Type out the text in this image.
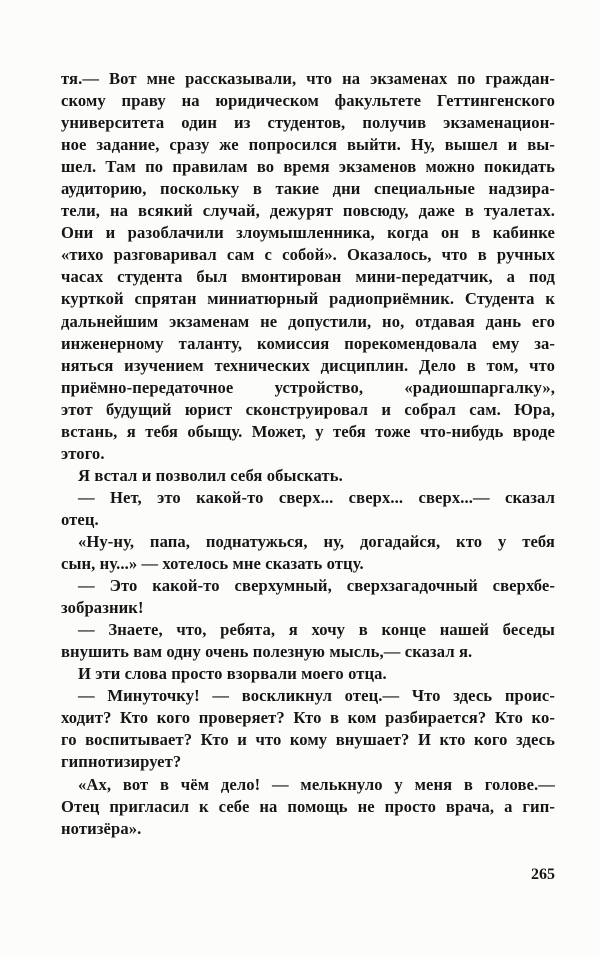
тя.— Вот мне рассказывали, что на экзаменах по граждан-
скому праву на юридическом факультете Геттингенского
университета один из студентов, получив экзаменацион-
ное задание, сразу же попросился выйти. Ну, вышел и вы-
шел. Там по правилам во время экзаменов можно покидать
аудиторию, поскольку в такие дни специальные надзира-
тели, на всякий случай, дежурят повсюду, даже в туалетах.
Они и разоблачили злоумышленника, когда он в кабинке
«тихо разговаривал сам с собой». Оказалось, что в ручных
часах студента был вмонтирован мини-передатчик, а под
курткой спрятан миниатюрный радиоприёмник. Студента к
дальнейшим экзаменам не допустили, но, отдавая дань его
инженерному таланту, комиссия порекомендовала ему за-
няться изучением технических дисциплин. Дело в том, что
приёмно-передаточное устройство, «радиошпаргалку»,
этот будущий юрист сконструировал и собрал сам. Юра,
встань, я тебя обыщу. Может, у тебя тоже что-нибудь вроде
этого.
Я встал и позволил себя обыскать.
— Нет, это какой-то сверх... сверх... сверх...— сказал
отец.
«Ну-ну, папа, поднатужься, ну, догадайся, кто у тебя
сын, ну...» — хотелось мне сказать отцу.
— Это какой-то сверхумный, сверхзагадочный сверхбе-
зобразник!
— Знаете, что, ребята, я хочу в конце нашей беседы
внушить вам одну очень полезную мысль,— сказал я.
И эти слова просто взорвали моего отца.
— Минуточку! — воскликнул отец.— Что здесь проис-
ходит? Кто кого проверяет? Кто в ком разбирается? Кто ко-
го воспитывает? Кто и что кому внушает? И кто кого здесь
гипнотизирует?
«Ах, вот в чём дело! — мелькнуло у меня в голове.—
Отец пригласил к себе на помощь не просто врача, а гип-
нотизёра».
265
